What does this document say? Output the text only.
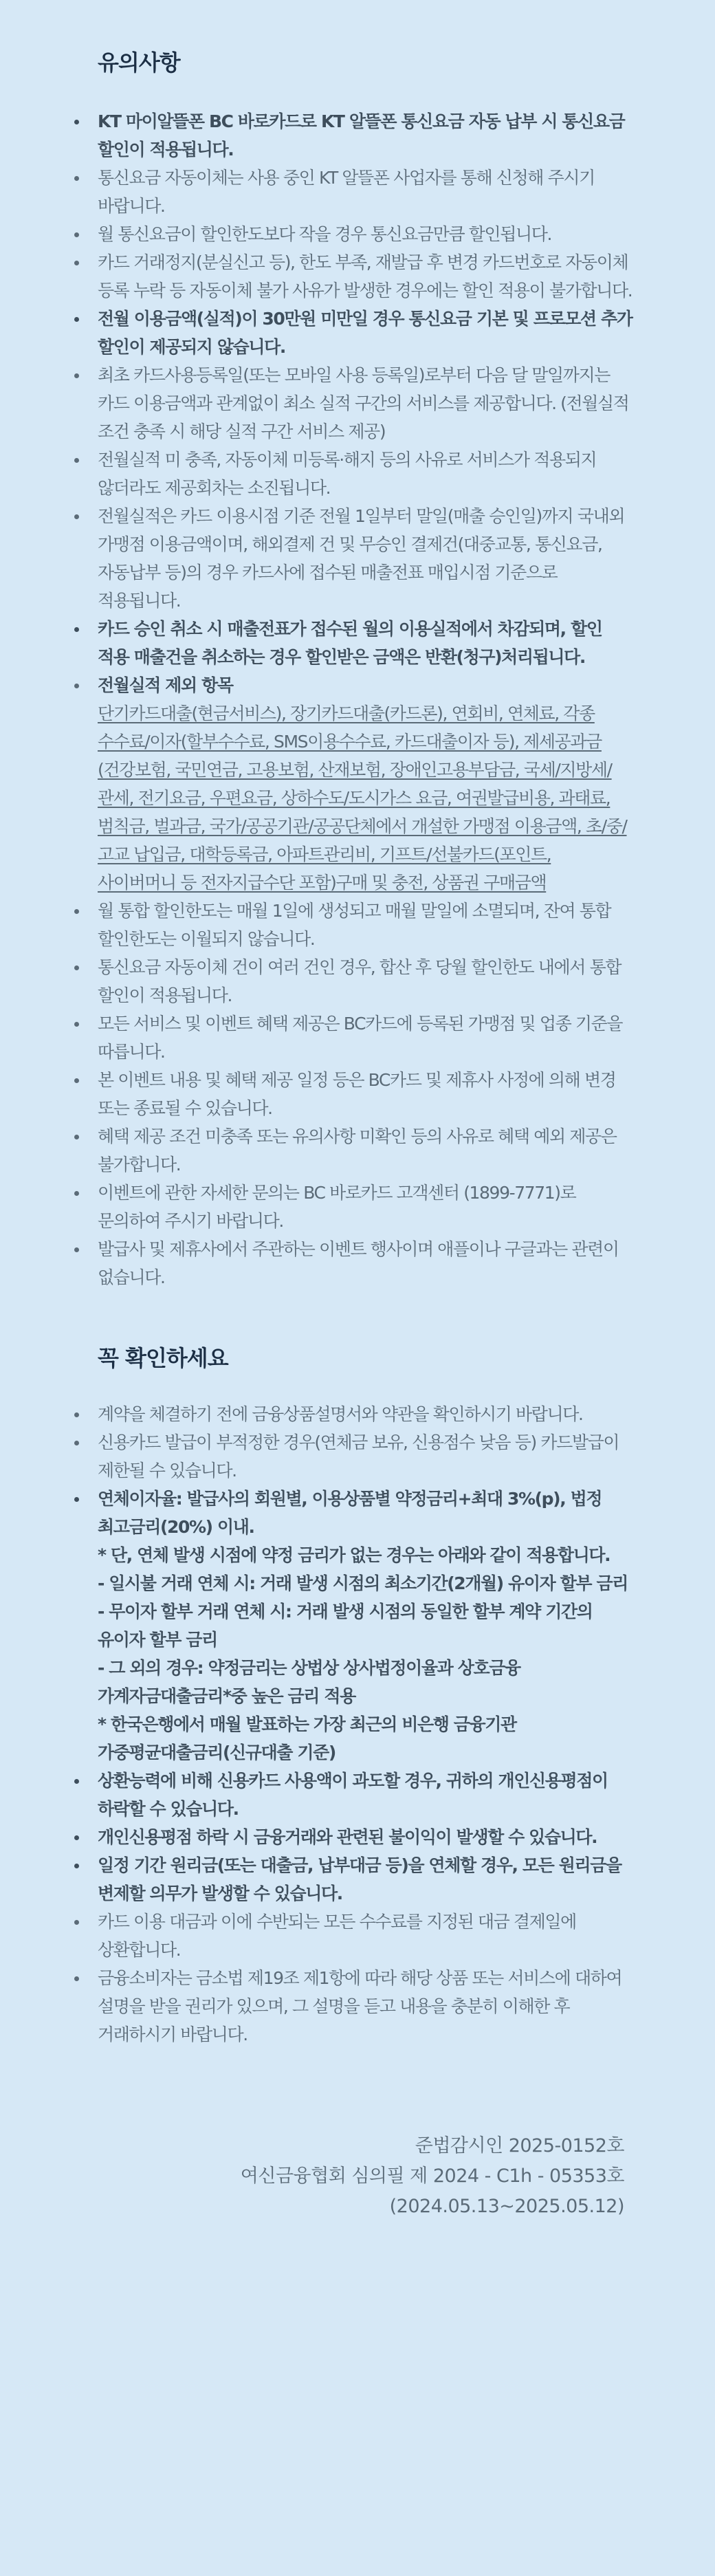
유의사항
KT 마이알뜰폰 BC 바로카드로 KT 알뜰폰 통신요금 자동 납부 시 통신요금 할인이 적용됩니다.
통신요금 자동이체는 사용 중인 KT 알뜰폰 사업자를 통해 신청해 주시기 바랍니다.
월 통신요금이 할인한도보다 작을 경우 통신요금만큼 할인됩니다.
카드 거래정지(분실신고 등), 한도 부족, 재발급 후 변경 카드번호로 자동이체 등록 누락 등 자동이체 불가 사유가 발생한 경우에는 할인 적용이 불가합니다.
전월 이용금액(실적)이 30만원 미만일 경우 통신요금 기본 및 프로모션 추가 할인이 제공되지 않습니다.
최초 카드사용등록일(또는 모바일 사용 등록일)로부터 다음 달 말일까지는 카드 이용금액과 관계없이 최소 실적 구간의 서비스를 제공합니다. (전월실적 조건 충족 시 해당 실적 구간 서비스 제공)
전월실적 미 충족, 자동이체 미등록·해지 등의 사유로 서비스가 적용되지 않더라도 제공회차는 소진됩니다.
전월실적은 카드 이용시점 기준 전월 1일부터 말일(매출 승인일)까지 국내외 가맹점 이용금액이며, 해외결제 건 및 무승인 결제건(대중교통, 통신요금, 자동납부 등)의 경우 카드사에 접수된 매출전표 매입시점 기준으로 적용됩니다.
카드 승인 취소 시 매출전표가 접수된 월의 이용실적에서 차감되며, 할인 적용 매출건을 취소하는 경우 할인받은 금액은 반환(청구)처리됩니다.
전월실적 제외 항목
단기카드대출(현금서비스), 장기카드대출(카드론), 연회비, 연체료, 각종 수수료/이자(할부수수료, SMS이용수수료, 카드대출이자 등), 제세공과금(건강보험, 국민연금, 고용보험, 산재보험, 장애인고용부담금, 국세/지방세/관세, 전기요금, 우편요금, 상하수도/도시가스 요금, 여권발급비용, 과태료, 범칙금, 벌과금, 국가/공공기관/공공단체에서 개설한 가맹점 이용금액, 초/중/고교 납입금, 대학등록금, 아파트관리비, 기프트/선불카드(포인트, 사이버머니 등 전자지급수단 포함)구매 및 충전, 상품권 구매금액
월 통합 할인한도는 매월 1일에 생성되고 매월 말일에 소멸되며, 잔여 통합 할인한도는 이월되지 않습니다.
통신요금 자동이체 건이 여러 건인 경우, 합산 후 당월 할인한도 내에서 통합 할인이 적용됩니다.
모든 서비스 및 이벤트 혜택 제공은 BC카드에 등록된 가맹점 및 업종 기준을 따릅니다.
본 이벤트 내용 및 혜택 제공 일정 등은 BC카드 및 제휴사 사정에 의해 변경 또는 종료될 수 있습니다.
혜택 제공 조건 미충족 또는 유의사항 미확인 등의 사유로 혜택 예외 제공은 불가합니다.
이벤트에 관한 자세한 문의는 BC 바로카드 고객센터 (1899-7771)로 문의하여 주시기 바랍니다.
발급사 및 제휴사에서 주관하는 이벤트 행사이며 애플이나 구글과는 관련이 없습니다.
꼭 확인하세요
계약을 체결하기 전에 금융상품설명서와 약관을 확인하시기 바랍니다.
신용카드 발급이 부적정한 경우(연체금 보유, 신용점수 낮음 등) 카드발급이 제한될 수 있습니다.
연체이자율: 발급사의 회원별, 이용상품별 약정금리+최대 3%(p), 법정 최고금리(20%) 이내.
* 단, 연체 발생 시점에 약정 금리가 없는 경우는 아래와 같이 적용합니다.
- 일시불 거래 연체 시: 거래 발생 시점의 최소기간(2개월) 유이자 할부 금리
- 무이자 할부 거래 연체 시: 거래 발생 시점의 동일한 할부 계약 기간의 유이자 할부 금리
- 그 외의 경우: 약정금리는 상법상 상사법정이율과 상호금융 가계자금대출금리*중 높은 금리 적용
* 한국은행에서 매월 발표하는 가장 최근의 비은행 금융기관 가중평균대출금리(신규대출 기준)
상환능력에 비해 신용카드 사용액이 과도할 경우, 귀하의 개인신용평점이 하락할 수 있습니다.
개인신용평점 하락 시 금융거래와 관련된 불이익이 발생할 수 있습니다.
일정 기간 원리금(또는 대출금, 납부대금 등)을 연체할 경우, 모든 원리금을 변제할 의무가 발생할 수 있습니다.
카드 이용 대금과 이에 수반되는 모든 수수료를 지정된 대금 결제일에 상환합니다.
금융소비자는 금소법 제19조 제1항에 따라 해당 상품 또는 서비스에 대하여 설명을 받을 권리가 있으며, 그 설명을 듣고 내용을 충분히 이해한 후 거래하시기 바랍니다.
준법감시인 2025-0152호
여신금융협회 심의필 제 2024 - C1h - 05353호
(2024.05.13~2025.05.12)
